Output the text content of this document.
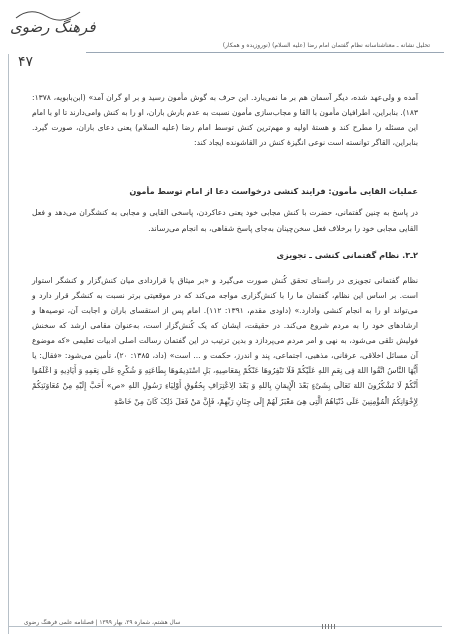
فرهنگ رضوی
تحلیل نشانه ـ معناشناسانه نظام گفتمان امام رضا (علیه السلام) (نوروزیده و همکار)
۴۷

آمده و ولی‌عهد شده، دیگر آسمان هم بر ما نمی‌بارد. این حرف به گوش مأمون رسید و بر او گران آمد» (ابن‌بابویه، ۱۳۷۸: ۱۸۳). بنابراین، اطرافیان مأمون با القا و مجاب‌سازی مأمون نسبت به عدم بارش باران، او را به کنش وامی‌دارند تا او با امام این مسئله را مطرح کند و هستهٔ اولیه و مهم‌ترین کنش توسط امام رضا (علیه السلام) یعنی دعای باران، صورت گیرد. بنابراین، القاگر توانسته است نوعی انگیزهٔ کنش در القاشونده ایجاد کند:

عملیات القایی مأمون: فرایند کنشی درخواست دعا از امام توسط مأمون

در پاسخ به چنین گفتمانی، حضرت با کنش مجابی خود یعنی دعاکردن، پاسخی القایی و مجابی به کنشگران می‌دهد و فعل القایی مجابی خود را برخلاف فعل سخن‌چینان به‌جای پاسخ شفاهی، به انجام می‌رساند.

۲ـ۳. نظام گفتمانی کنشی ـ تجویزی

نظام گفتمانی تجویزی در راستای تحقق کُنش صورت می‌گیرد و «بر میثاق یا قراردادی میان کنش‌گزار و کنشگر استوار است. بر اساس این نظام، گفتمان ما را با کنش‌گزاری مواجه می‌کند که در موقعیتی برتر نسبت به کنشگر قرار دارد و می‌تواند او را به انجام کنشی وادارد.» (داودی مقدم، ۱۳۹۱: ۱۱۲). امام پس از استقسای باران و اجابت آن، توصیه‌ها و ارشادهای خود را به مردم شروع می‌کند. در حقیقت، ایشان که یک کُنش‌گزار است، به‌عنوان مقامی ارشد که سخنش فولیش تلقی می‌شود، به نهی و امر مردم می‌پردازد و بدین ترتیب در این گفتمان رسالت اصلی ادبیات تعلیمی «که موضوع آن مسائل اخلاقی، عرفانی، مذهبی، اجتماعی، پند و اندرز، حکمت و ... است» (داد، ۱۳۸۵: ۲۰)، تأمین می‌شود: «فقال: یا أَیُّهَا النَّاسُ اتَّقُوا اللهَ فِی نِعَمِ اللهِ عَلَیْکُمْ فَلَا تَنْفِرُوهَا عَنْکُمْ بِمَعَاصِیهِ، بَلِ اسْتَدِیمُوهَا بِطَاعَتِهِ وَ شُکْرِهِ عَلَی نِعَمِهِ وَ أَیَادِیهِ وَ اعْلَمُوا أَنَّکُمْ لَا تَشْکُرُونَ اللهَ تَعَالَی بِشَیْءٍ بَعْدَ الْإِیمَانِ بِاللهِ وَ بَعْدَ الِاعْتِرَافِ بِحُقُوقِ أَوْلِیَاءِ رَسُولِ اللهِ «ص» أَحَبَّ إِلَیْهِ مِنْ مُعَاوَنَتِکُمْ لِإِخْوَانِکُمُ الْمُؤْمِنِینَ عَلَی دُنْیَاهُمُ الَّتِی هِیَ مَعْبَرٌ لَهُمْ إِلَی جِنَانِ رَبِّهِمْ، فَإِنَّ مَنْ فَعَلَ ذَلِکَ کَانَ مِنْ خَاصَّةِ

سال هشتم، شماره ۲۹، بهار ۱۳۹۹ | فصلنامه علمی فرهنگ رضوی
